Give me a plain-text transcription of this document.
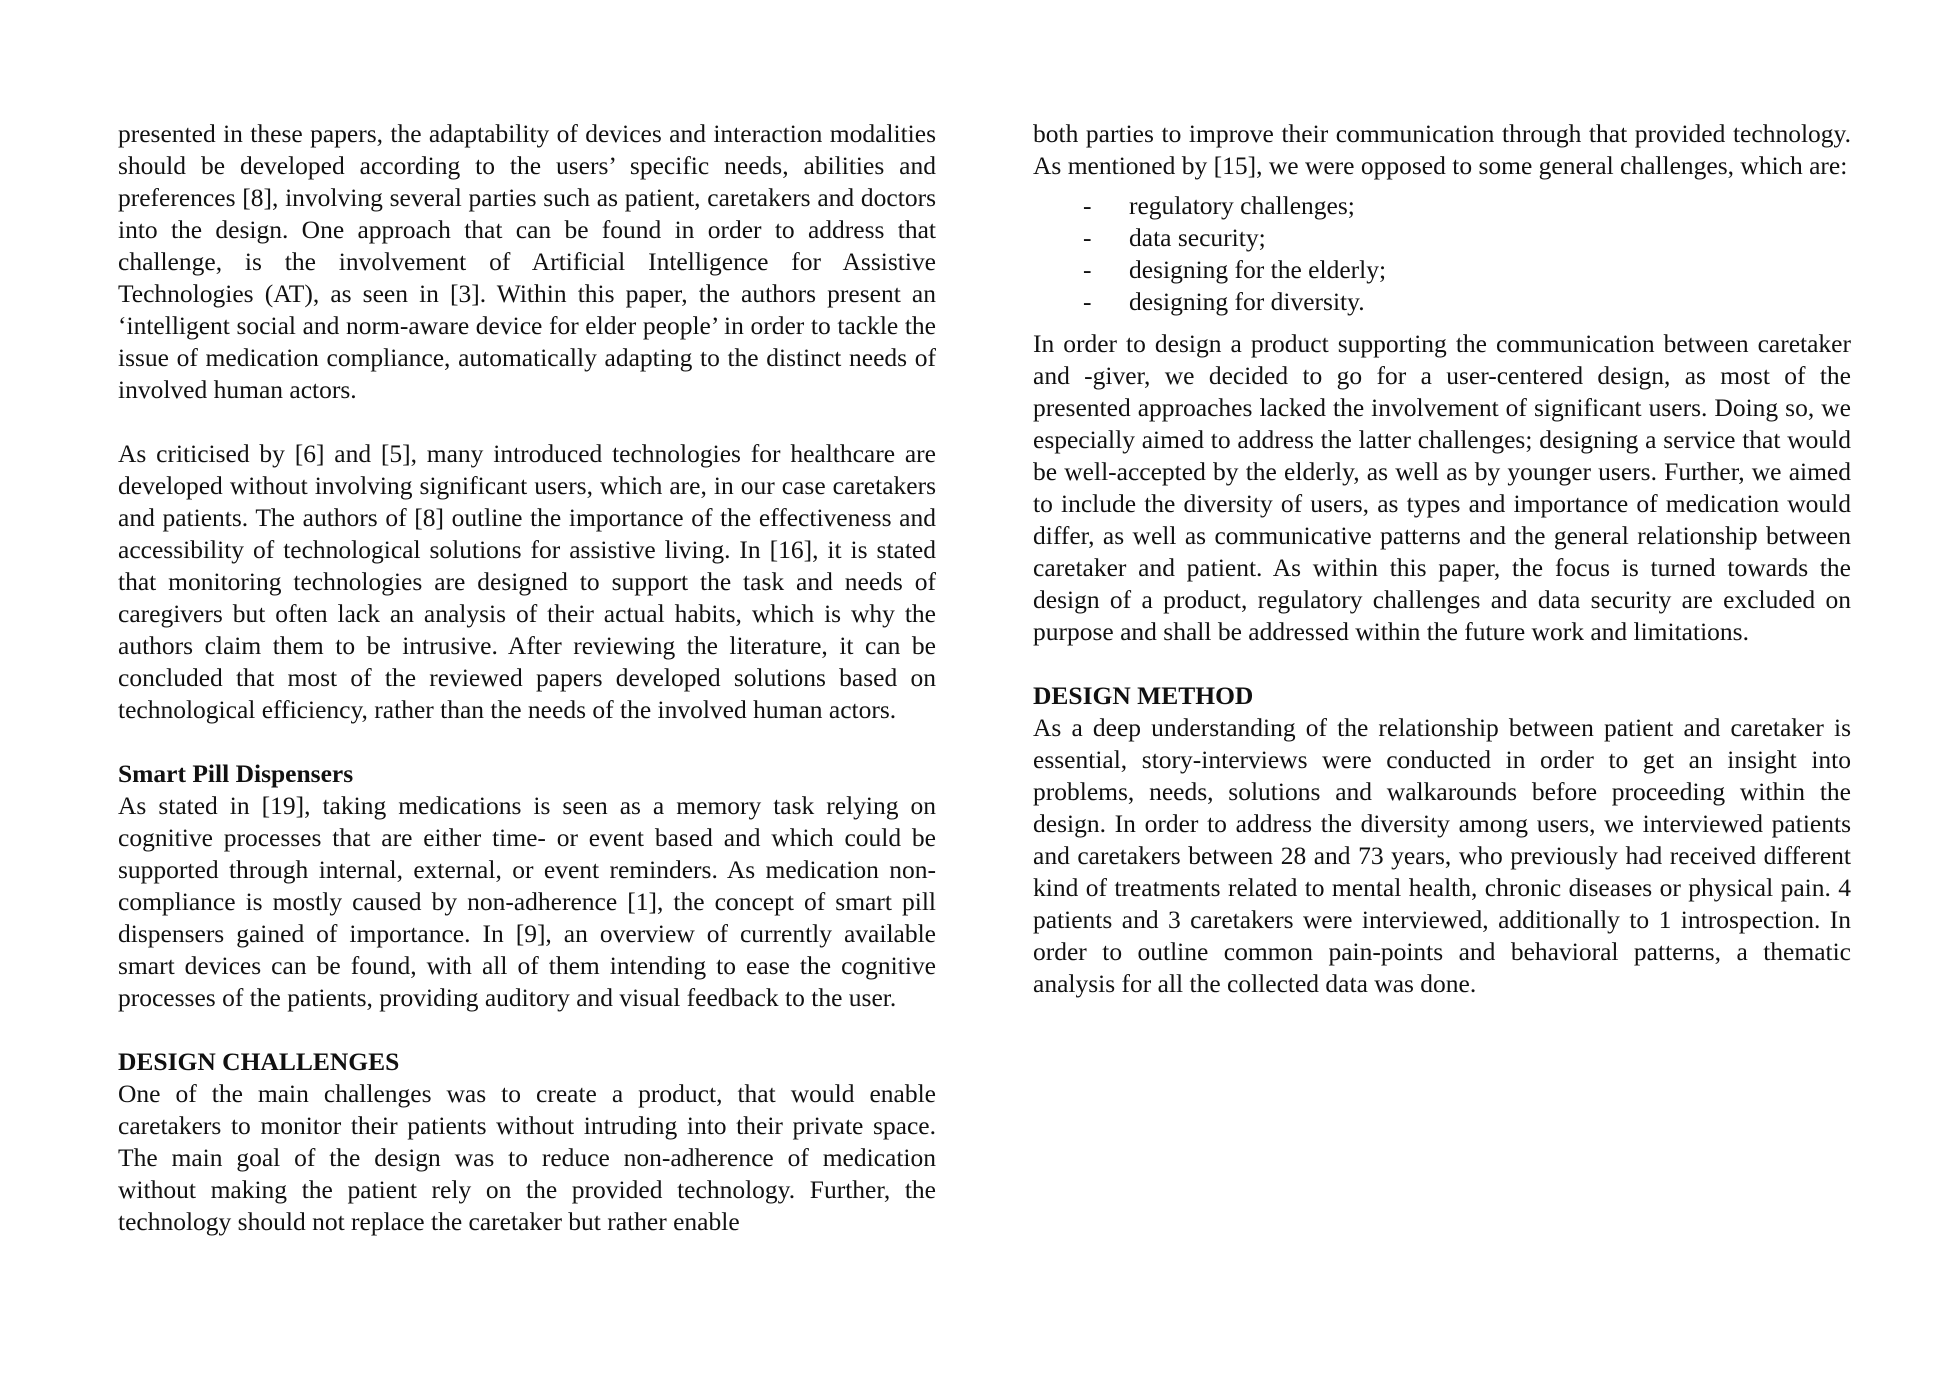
presented in these papers, the adaptability of devices and interaction modalities should be developed according to the users’ specific needs, abilities and preferences [8], involving several parties such as patient, caretakers and doctors into the design. One approach that can be found in order to address that challenge, is the involvement of Artificial Intelligence for Assistive Technologies (AT), as seen in [3]. Within this paper, the authors present an ‘intelligent social and norm-aware device for elder people’ in order to tackle the issue of medication compliance, automatically adapting to the distinct needs of involved human actors.

As criticised by [6] and [5], many introduced technologies for healthcare are developed without involving significant users, which are, in our case caretakers and patients. The authors of [8] outline the importance of the effectiveness and accessibility of technological solutions for assistive living. In [16], it is stated that monitoring technologies are designed to support the task and needs of caregivers but often lack an analysis of their actual habits, which is why the authors claim them to be intrusive. After reviewing the literature, it can be concluded that most of the reviewed papers developed solutions based on technological efficiency, rather than the needs of the involved human actors.

Smart Pill Dispensers

As stated in [19], taking medications is seen as a memory task relying on cognitive processes that are either time- or event based and which could be supported through internal, external, or event reminders. As medication non-compliance is mostly caused by non-adherence [1], the concept of smart pill dispensers gained of importance. In [9], an overview of currently available smart devices can be found, with all of them intending to ease the cognitive processes of the patients, providing auditory and visual feedback to the user.

DESIGN CHALLENGES

One of the main challenges was to create a product, that would enable caretakers to monitor their patients without intruding into their private space. The main goal of the design was to reduce non-adherence of medication without making the patient rely on the provided technology. Further, the technology should not replace the caretaker but rather enable

both parties to improve their communication through that provided technology. As mentioned by [15], we were opposed to some general challenges, which are:

- regulatory challenges;
- data security;
- designing for the elderly;
- designing for diversity.

In order to design a product supporting the communication between caretaker and -giver, we decided to go for a user-centered design, as most of the presented approaches lacked the involvement of significant users. Doing so, we especially aimed to address the latter challenges; designing a service that would be well-accepted by the elderly, as well as by younger users. Further, we aimed to include the diversity of users, as types and importance of medication would differ, as well as communicative patterns and the general relationship between caretaker and patient. As within this paper, the focus is turned towards the design of a product, regulatory challenges and data security are excluded on purpose and shall be addressed within the future work and limitations.

DESIGN METHOD

As a deep understanding of the relationship between patient and caretaker is essential, story-interviews were conducted in order to get an insight into problems, needs, solutions and walkarounds before proceeding within the design. In order to address the diversity among users, we interviewed patients and caretakers between 28 and 73 years, who previously had received different kind of treatments related to mental health, chronic diseases or physical pain. 4 patients and 3 caretakers were interviewed, additionally to 1 introspection. In order to outline common pain-points and behavioral patterns, a thematic analysis for all the collected data was done.
